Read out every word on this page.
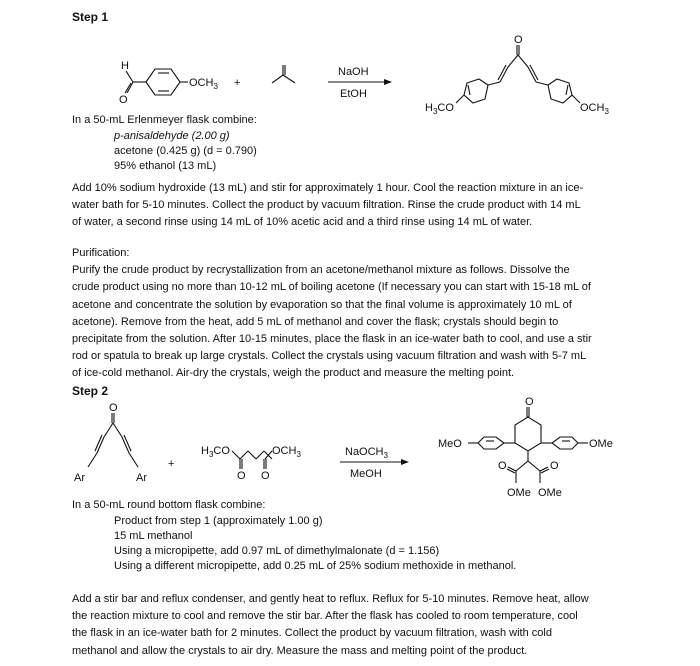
Step 1
H
O
$OCH_3$ +
NaOH
EtOH
O
$H_3CO$	$OCH_3$
In a 50-mL Erlenmeyer flask combine:
p-anisaldehyde (2.00 g)
acetone (0.425 g) (d = 0.790)
95% ethanol (13 mL)
Add 10% sodium hydroxide (13 mL) and stir for approximately 1 hour. Cool the reaction mixture in an ice-
water bath for 5-10 minutes. Collect the product by vacuum filtration. Rinse the crude product with 14 mL
of water, a second rinse using 14 mL of 10% acetic acid and a third rinse using 14 mL of water.
Purification:
Purify the crude product by recrystallization from an acetone/methanol mixture as follows. Dissolve the
crude product using no more than 10-12 mL of boiling acetone (If necessary you can start with 15-18 mL of
acetone and concentrate the solution by evaporation so that the final volume is approximately 10 mL of
acetone). Remove from the heat, add 5 mL of methanol and cover the flask; crystals should begin to
precipitate from the solution. After 10-15 minutes, place the flask in an ice-water bath to cool, and use a stir
rod or spatula to break up large crystals. Collect the crystals using vacuum filtration and wash with 5-7 mL
of ice-cold methanol. Air-dry the crystals, weigh the product and measure the melting point.
Step 2
O
Ar	Ar
+
$H_3CO$	$OCH_3$
O O
NaOCH$_3$
MeOH
O
MeO	OMe
O	O
OMe OMe
In a 50-mL round bottom flask combine:
Product from step 1 (approximately 1.00 g)
15 mL methanol
Using a micropipette, add 0.97 mL of dimethylmalonate (d = 1.156)
Using a different micropipette, add 0.25 mL of 25% sodium methoxide in methanol.
Add a stir bar and reflux condenser, and gently heat to reflux. Reflux for 5-10 minutes. Remove heat, allow
the reaction mixture to cool and remove the stir bar. After the flask has cooled to room temperature, cool
the flask in an ice-water bath for 2 minutes. Collect the product by vacuum filtration, wash with cold
methanol and allow the crystals to air dry. Measure the mass and melting point of the product.
